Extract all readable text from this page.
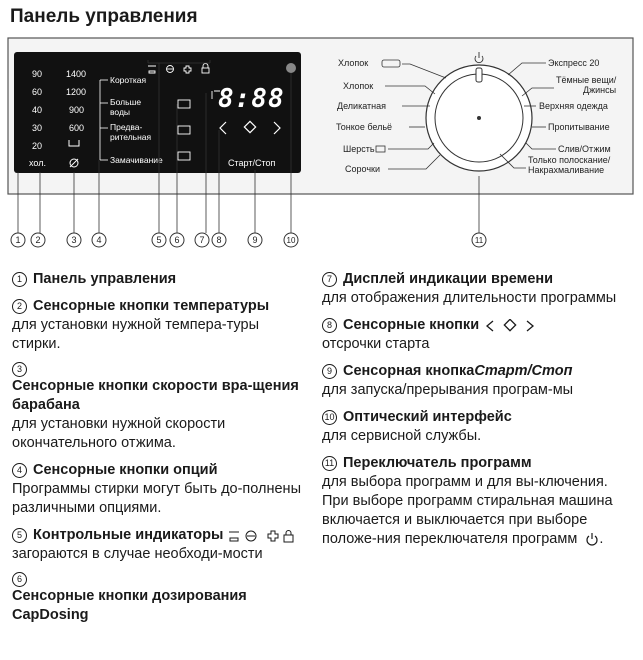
Панель управления
90
60
40
30
20
хол.
1400
1200
900
600
Короткая
Больше
воды
Предва-
рительная
Замачивание	Старт/Стоп
8:88
1 2	3 4	5 6 7 8	9	10	11
Хлопок
Хлопок
Деликатная
Тонкое бельё
Шерсть
Сорочки
Экспресс 20
Тёмные вещи/
Джинсы
Верхняя одежда
Пропитывание
Слив/Отжим
Только полоскание/
Накрахмаливание
1 Панель управления
2 Сенсорные кнопки температуры
для установки нужной темпера-туры стирки.
3
Сенсорные кнопки скорости вра-щения барабана
для установки нужной скорости окончательного отжима.
4 Сенсорные кнопки опций
Программы стирки могут быть до-полнены различными опциями.
5 Контрольные индикаторы
загораются в случае необходи-мости
6
Сенсорные кнопки дозирования CapDosing
7 Дисплей индикации времени
для отображения длительности программы
8 Сенсорные кнопки
отсрочки старта
9 Сенсорная кнопка Старт/Стоп
для запуска/прерывания програм-мы
10 Оптический интерфейс
для сервисной службы.
11 Переключатель программ
для выбора программ и для вы-ключения. При выборе программ стиральная машина включается и выключается при выборе положе-ния переключателя программ .
